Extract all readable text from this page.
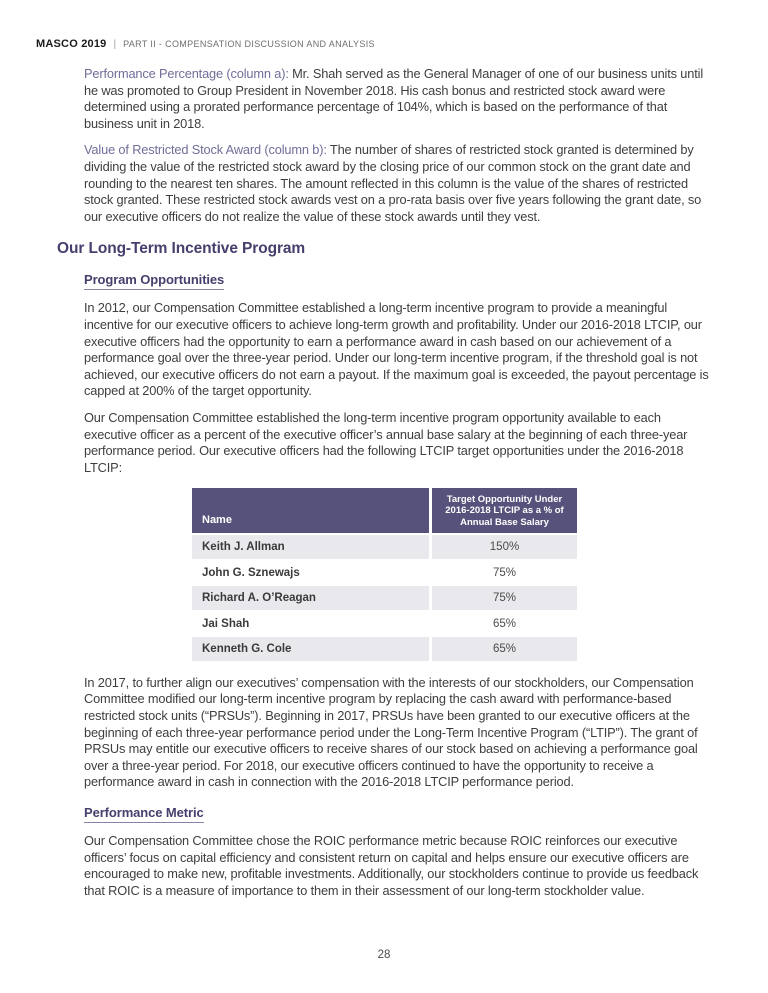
MASCO 2019 | PART II - COMPENSATION DISCUSSION AND ANALYSIS

Performance Percentage (column a): Mr. Shah served as the General Manager of one of our business units until he was promoted to Group President in November 2018. His cash bonus and restricted stock award were determined using a prorated performance percentage of 104%, which is based on the performance of that business unit in 2018.

Value of Restricted Stock Award (column b): The number of shares of restricted stock granted is determined by dividing the value of the restricted stock award by the closing price of our common stock on the grant date and rounding to the nearest ten shares. The amount reflected in this column is the value of the shares of restricted stock granted. These restricted stock awards vest on a pro-rata basis over five years following the grant date, so our executive officers do not realize the value of these stock awards until they vest.

Our Long-Term Incentive Program
Program Opportunities

In 2012, our Compensation Committee established a long-term incentive program to provide a meaningful incentive for our executive officers to achieve long-term growth and profitability. Under our 2016-2018 LTCIP, our executive officers had the opportunity to earn a performance award in cash based on our achievement of a performance goal over the three-year period. Under our long-term incentive program, if the threshold goal is not achieved, our executive officers do not earn a payout. If the maximum goal is exceeded, the payout percentage is capped at 200% of the target opportunity.

Our Compensation Committee established the long-term incentive program opportunity available to each executive officer as a percent of the executive officer’s annual base salary at the beginning of each three-year performance period. Our executive officers had the following LTCIP target opportunities under the 2016-2018 LTCIP:

Name
Target Opportunity Under 2016-2018 LTCIP as a % of Annual Base Salary
Keith J. Allman	150%
John G. Sznewajs	75%
Richard A. O’Reagan	75%
Jai Shah	65%
Kenneth G. Cole	65%

In 2017, to further align our executives’ compensation with the interests of our stockholders, our Compensation Committee modified our long-term incentive program by replacing the cash award with performance-based restricted stock units (“PRSUs”). Beginning in 2017, PRSUs have been granted to our executive officers at the beginning of each three-year performance period under the Long-Term Incentive Program (“LTIP”). The grant of PRSUs may entitle our executive officers to receive shares of our stock based on achieving a performance goal over a three-year period. For 2018, our executive officers continued to have the opportunity to receive a performance award in cash in connection with the 2016-2018 LTCIP performance period.

Performance Metric

Our Compensation Committee chose the ROIC performance metric because ROIC reinforces our executive officers’ focus on capital efficiency and consistent return on capital and helps ensure our executive officers are encouraged to make new, profitable investments. Additionally, our stockholders continue to provide us feedback that ROIC is a measure of importance to them in their assessment of our long-term stockholder value.

28
